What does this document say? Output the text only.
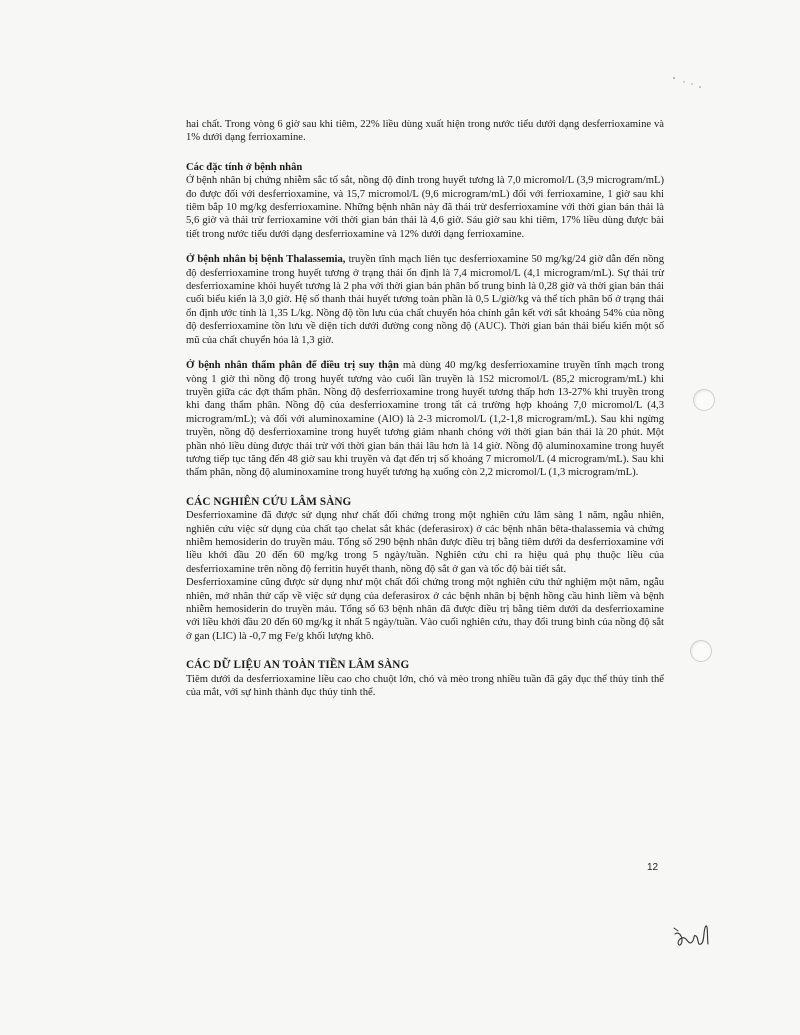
hai chất. Trong vòng 6 giờ sau khi tiêm, 22% liều dùng xuất hiện trong nước tiểu dưới dạng desferrioxamine và 1% dưới dạng ferrioxamine.

Các đặc tính ở bệnh nhân

Ở bệnh nhân bị chứng nhiễm sắc tố sắt, nồng độ đỉnh trong huyết tương là 7,0 micromol/L (3,9 microgram/mL) đo được đối với desferrioxamine, và 15,7 micromol/L (9,6 microgram/mL) đối với ferrioxamine, 1 giờ sau khi tiêm bắp 10 mg/kg desferrioxamine. Những bệnh nhân này đã thải trừ desferrioxamine với thời gian bán thải là 5,6 giờ và thải trừ ferrioxamine với thời gian bán thải là 4,6 giờ. Sáu giờ sau khi tiêm, 17% liều dùng được bài tiết trong nước tiểu dưới dạng desferrioxamine và 12% dưới dạng ferrioxamine.

Ở bệnh nhân bị bệnh Thalassemia, truyền tĩnh mạch liên tục desferrioxamine 50 mg/kg/24 giờ dẫn đến nồng độ desferrioxamine trong huyết tương ở trạng thái ổn định là 7,4 micromol/L (4,1 microgram/mL). Sự thải trừ desferrioxamine khỏi huyết tương là 2 pha với thời gian bán phân bố trung bình là 0,28 giờ và thời gian bán thải cuối biểu kiến là 3,0 giờ. Hệ số thanh thải huyết tương toàn phần là 0,5 L/giờ/kg và thể tích phân bố ở trạng thái ổn định ước tính là 1,35 L/kg. Nồng độ tồn lưu của chất chuyển hóa chính gắn kết với sắt khoảng 54% của nồng độ desferrioxamine tồn lưu về diện tích dưới đường cong nồng độ (AUC). Thời gian bán thải biểu kiến một số mũ của chất chuyển hóa là 1,3 giờ.

Ở bệnh nhân thẩm phân để điều trị suy thận mà dùng 40 mg/kg desferrioxamine truyền tĩnh mạch trong vòng 1 giờ thì nồng độ trong huyết tương vào cuối lần truyền là 152 micromol/L (85,2 microgram/mL) khi truyền giữa các đợt thẩm phân. Nồng độ desferrioxamine trong huyết tương thấp hơn 13-27% khi truyền trong khi đang thẩm phân. Nồng độ của desferrioxamine trong tất cả trường hợp khoảng 7,0 micromol/L (4,3 microgram/mL); và đối với aluminoxamine (AlO) là 2-3 micromol/L (1,2-1,8 microgram/mL). Sau khi ngừng truyền, nồng độ desferrioxamine trong huyết tương giảm nhanh chóng với thời gian bán thải là 20 phút. Một phần nhỏ liều dùng được thải trừ với thời gian bán thải lâu hơn là 14 giờ. Nồng độ aluminoxamine trong huyết tương tiếp tục tăng đến 48 giờ sau khi truyền và đạt đến trị số khoảng 7 micromol/L (4 microgram/mL). Sau khi thẩm phân, nồng độ aluminoxamine trong huyết tương hạ xuống còn 2,2 micromol/L (1,3 microgram/mL).

CÁC NGHIÊN CỨU LÂM SÀNG

Desferrioxamine đã được sử dụng như chất đối chứng trong một nghiên cứu lâm sàng 1 năm, ngẫu nhiên, nghiên cứu việc sử dụng của chất tạo chelat sắt khác (deferasirox) ở các bệnh nhân bêta-thalassemia và chứng nhiễm hemosiderin do truyền máu. Tổng số 290 bệnh nhân được điều trị bằng tiêm dưới da desferrioxamine với liều khởi đầu 20 đến 60 mg/kg trong 5 ngày/tuần. Nghiên cứu chỉ ra hiệu quả phụ thuộc liều của desferrioxamine trên nồng độ ferritin huyết thanh, nồng độ sắt ở gan và tốc độ bài tiết sắt.

Desferrioxamine cũng được sử dụng như một chất đối chứng trong một nghiên cứu thử nghiệm một năm, ngẫu nhiên, mở nhãn thử cấp về việc sử dụng của deferasirox ở các bệnh nhân bị bệnh hồng cầu hình liềm và bệnh nhiễm hemosiderin do truyền máu. Tổng số 63 bệnh nhân đã được điều trị bằng tiêm dưới da desferrioxamine với liều khởi đầu 20 đến 60 mg/kg ít nhất 5 ngày/tuần. Vào cuối nghiên cứu, thay đổi trung bình của nồng độ sắt ở gan (LIC) là -0,7 mg Fe/g khối lượng khô.

CÁC DỮ LIỆU AN TOÀN TIỀN LÂM SÀNG

Tiêm dưới da desferrioxamine liều cao cho chuột lớn, chó và mèo trong nhiều tuần đã gây đục thể thủy tinh thể của mắt, với sự hình thành đục thủy tinh thể.

12
